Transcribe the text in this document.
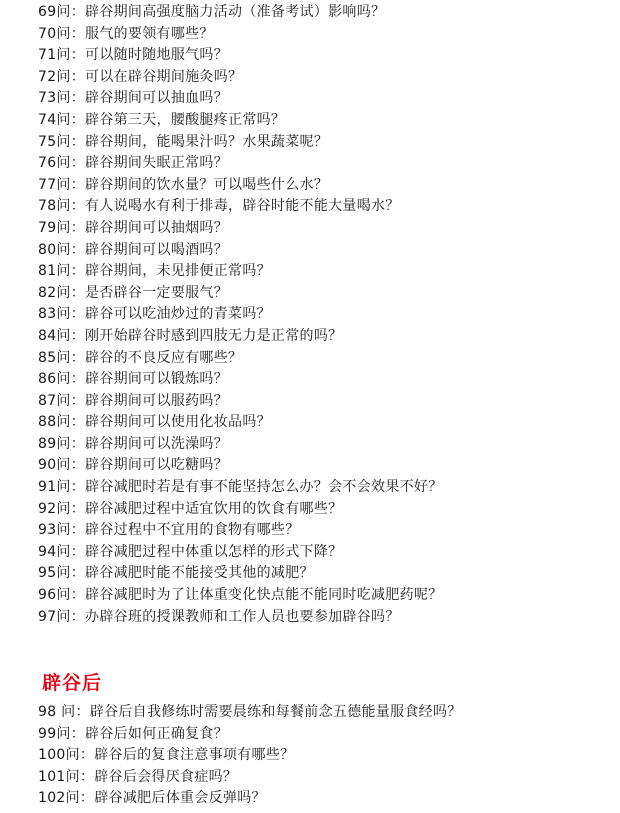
69问：辟谷期间高强度脑力活动（准备考试）影响吗？
70问：服气的要领有哪些？
71问：可以随时随地服气吗？
72问：可以在辟谷期间施灸吗？
73问：辟谷期间可以抽血吗？
74问：辟谷第三天，腰酸腿疼正常吗？
75问：辟谷期间，能喝果汁吗？水果蔬菜呢？
76问：辟谷期间失眠正常吗？
77问：辟谷期间的饮水量？可以喝些什么水？
78问：有人说喝水有利于排毒，辟谷时能不能大量喝水？
79问：辟谷期间可以抽烟吗？
80问：辟谷期间可以喝酒吗？
81问：辟谷期间，未见排便正常吗？
82问：是否辟谷一定要服气？
83问：辟谷可以吃油炒过的青菜吗？
84问：刚开始辟谷时感到四肢无力是正常的吗？
85问：辟谷的不良反应有哪些？
86问：辟谷期间可以锻炼吗？
87问：辟谷期间可以服药吗？
88问：辟谷期间可以使用化妆品吗？
89问：辟谷期间可以洗澡吗？
90问：辟谷期间可以吃糖吗？
91问：辟谷减肥时若是有事不能坚持怎么办？会不会效果不好？
92问：辟谷减肥过程中适宜饮用的饮食有哪些？
93问：辟谷过程中不宜用的食物有哪些？
94问：辟谷减肥过程中体重以怎样的形式下降？
95问：辟谷减肥时能不能接受其他的减肥？
96问：辟谷减肥时为了让体重变化快点能不能同时吃减肥药呢？
97问：办辟谷班的授课教师和工作人员也要参加辟谷吗？
辟谷后
98 问：辟谷后自我修练时需要晨练和每餐前念五德能量服食经吗？
99问：辟谷后如何正确复食？
100问：辟谷后的复食注意事项有哪些？
101问：辟谷后会得厌食症吗？
102问：辟谷减肥后体重会反弹吗？
